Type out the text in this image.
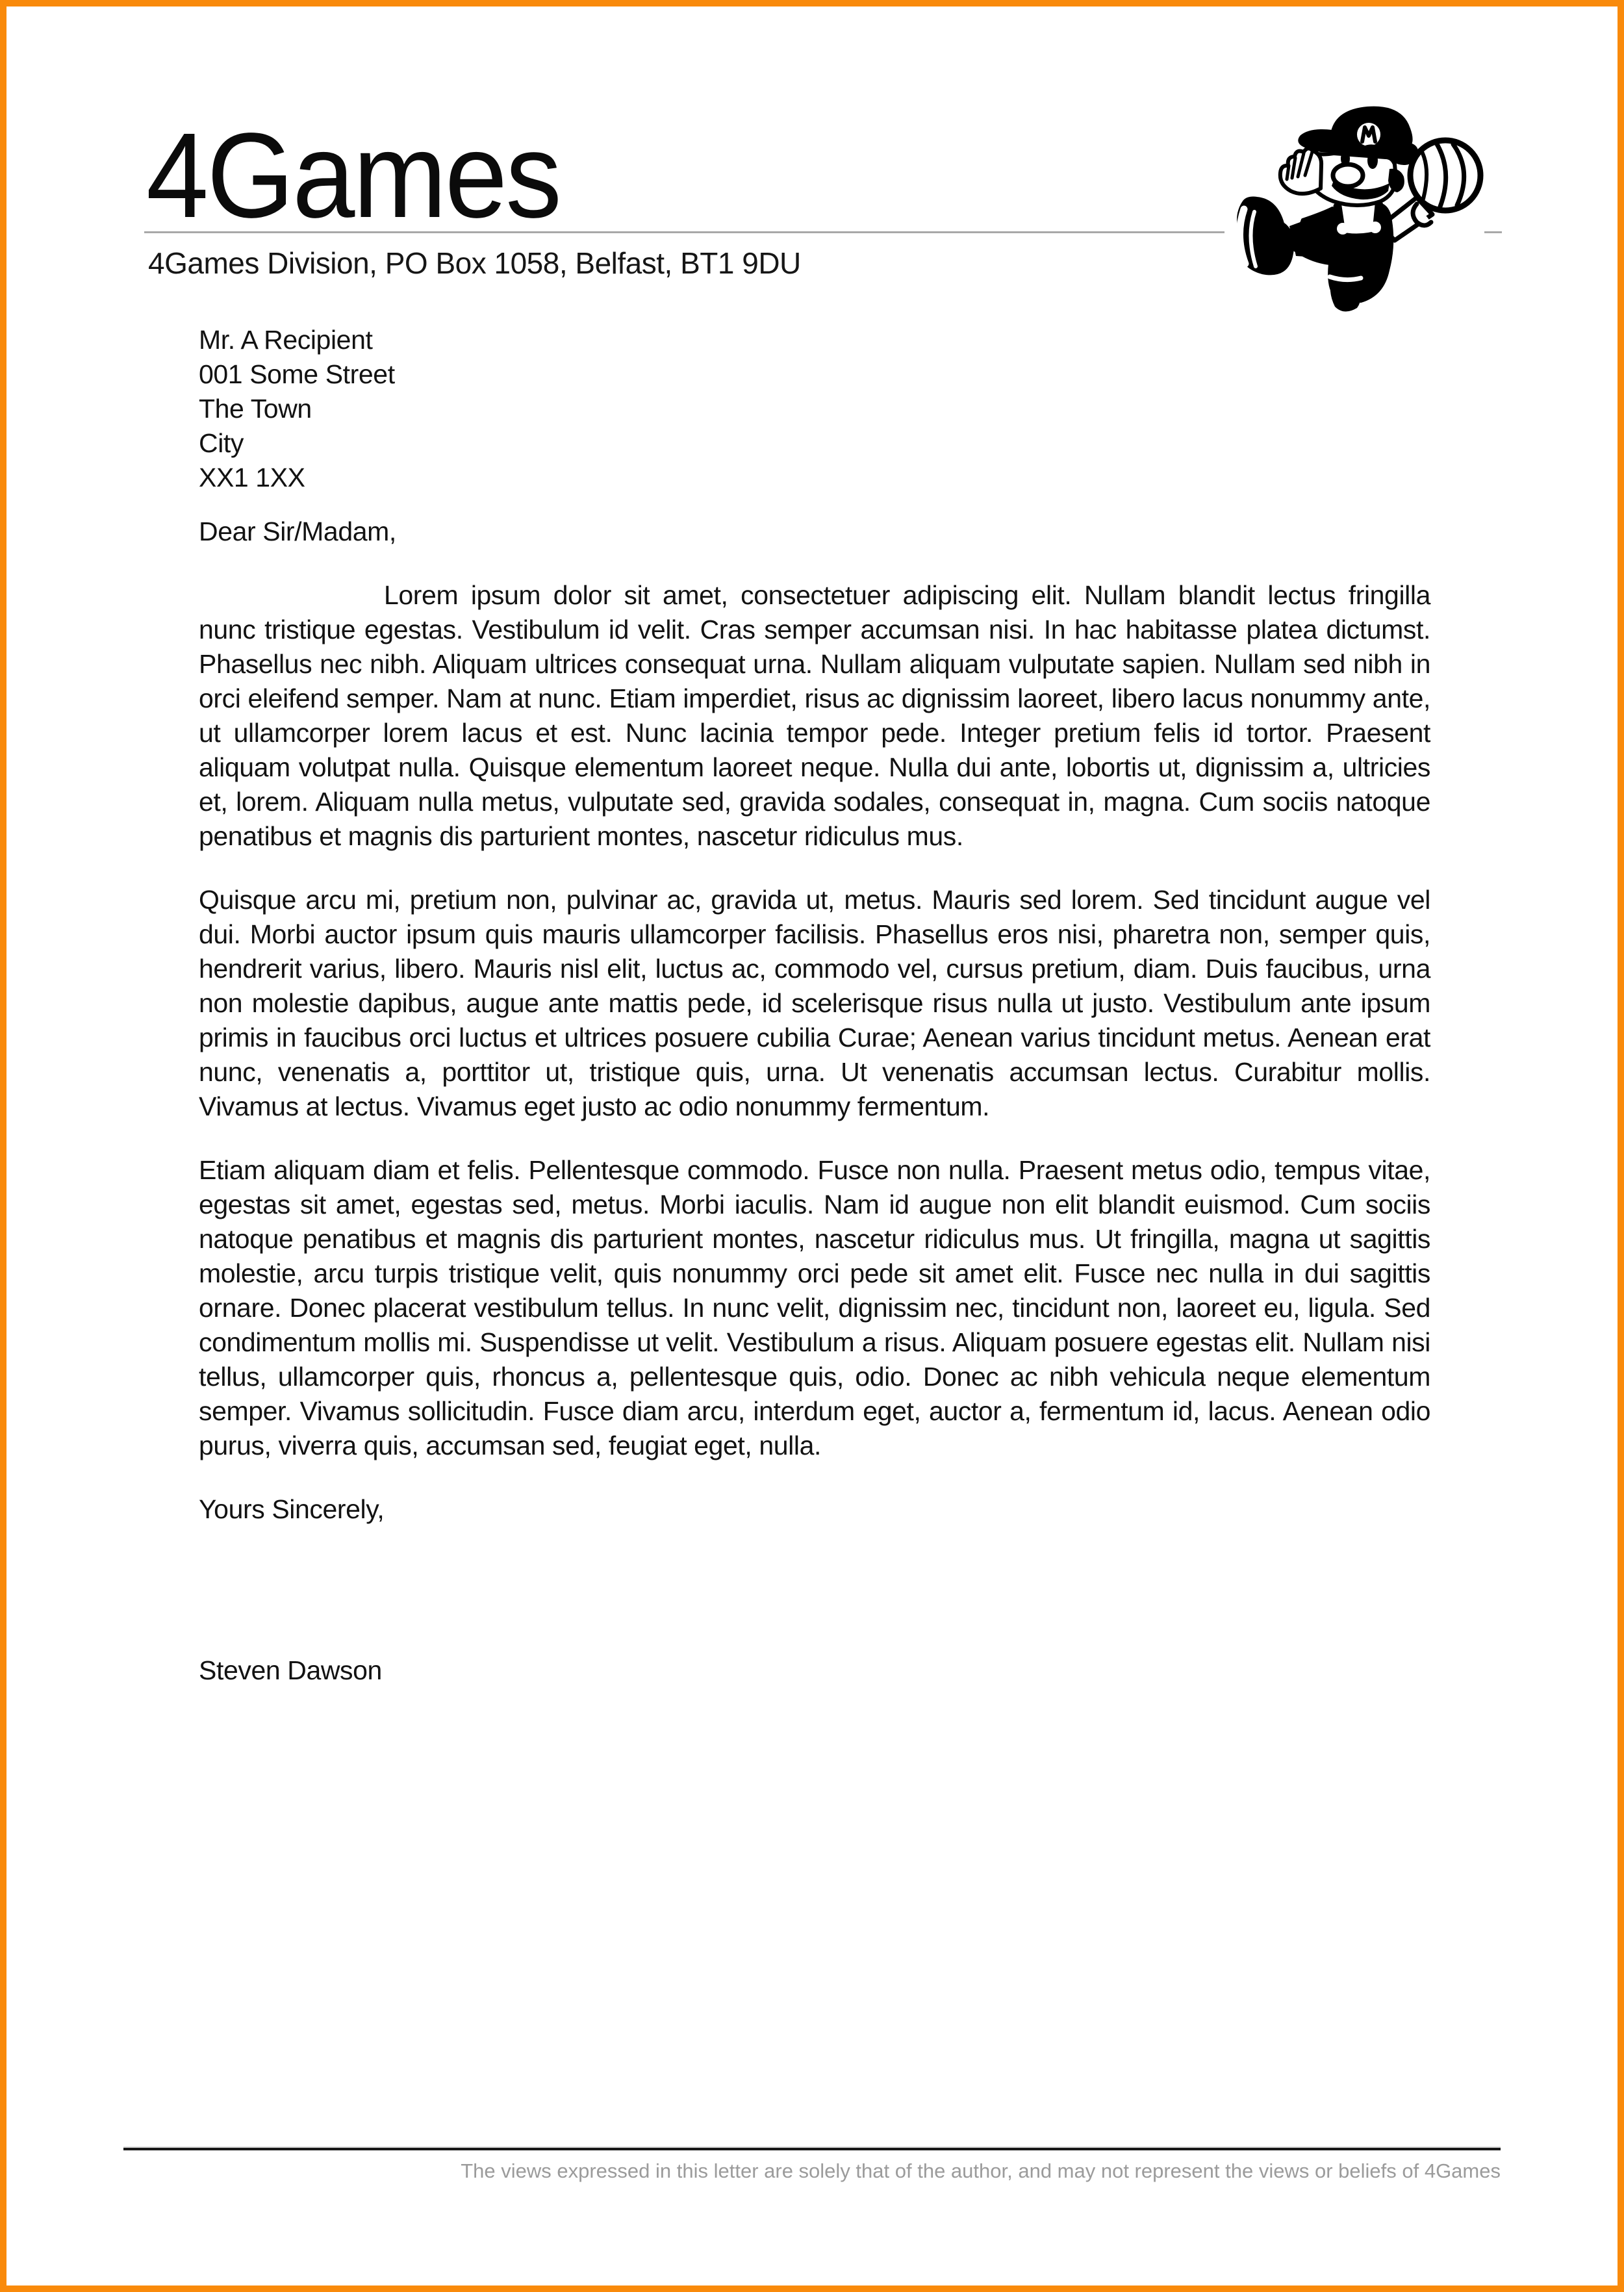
4Games
4Games Division, PO Box 1058, Belfast, BT1 9DU
Mr. A Recipient
001 Some Street
The Town
City
XX1 1XX
Dear Sir/Madam,

Lorem ipsum dolor sit amet, consectetuer adipiscing elit. Nullam blandit lectus fringilla nunc tristique egestas. Vestibulum id velit. Cras semper accumsan nisi. In hac habitasse platea dictumst. Phasellus nec nibh. Aliquam ultrices consequat urna. Nullam aliquam vulputate sapien. Nullam sed nibh in orci eleifend semper. Nam at nunc. Etiam imperdiet, risus ac dignissim laoreet, libero lacus nonummy ante, ut ullamcorper lorem lacus et est. Nunc lacinia tempor pede. Integer pretium felis id tortor. Praesent aliquam volutpat nulla. Quisque elementum laoreet neque. Nulla dui ante, lobortis ut, dignissim a, ultricies et, lorem. Aliquam nulla metus, vulputate sed, gravida sodales, consequat in, magna. Cum sociis natoque penatibus et magnis dis parturient montes, nascetur ridiculus mus.

Quisque arcu mi, pretium non, pulvinar ac, gravida ut, metus. Mauris sed lorem. Sed tincidunt augue vel dui. Morbi auctor ipsum quis mauris ullamcorper facilisis. Phasellus eros nisi, pharetra non, semper quis, hendrerit varius, libero. Mauris nisl elit, luctus ac, commodo vel, cursus pretium, diam. Duis faucibus, urna non molestie dapibus, augue ante mattis pede, id scelerisque risus nulla ut justo. Vestibulum ante ipsum primis in faucibus orci luctus et ultrices posuere cubilia Curae; Aenean varius tincidunt metus. Aenean erat nunc, venenatis a, porttitor ut, tristique quis, urna. Ut venenatis accumsan lectus. Curabitur mollis. Vivamus at lectus. Vivamus eget justo ac odio nonummy fermentum.

Etiam aliquam diam et felis. Pellentesque commodo. Fusce non nulla. Praesent metus odio, tempus vitae, egestas sit amet, egestas sed, metus. Morbi iaculis. Nam id augue non elit blandit euismod. Cum sociis natoque penatibus et magnis dis parturient montes, nascetur ridiculus mus. Ut fringilla, magna ut sagittis molestie, arcu turpis tristique velit, quis nonummy orci pede sit amet elit. Fusce nec nulla in dui sagittis ornare. Donec placerat vestibulum tellus. In nunc velit, dignissim nec, tincidunt non, laoreet eu, ligula. Sed condimentum mollis mi. Suspendisse ut velit. Vestibulum a risus. Aliquam posuere egestas elit. Nullam nisi tellus, ullamcorper quis, rhoncus a, pellentesque quis, odio. Donec ac nibh vehicula neque elementum semper. Vivamus sollicitudin. Fusce diam arcu, interdum eget, auctor a, fermentum id, lacus. Aenean odio purus, viverra quis, accumsan sed, feugiat eget, nulla.

Yours Sincerely,
Steven Dawson
The views expressed in this letter are solely that of the author, and may not represent the views or beliefs of 4Games
